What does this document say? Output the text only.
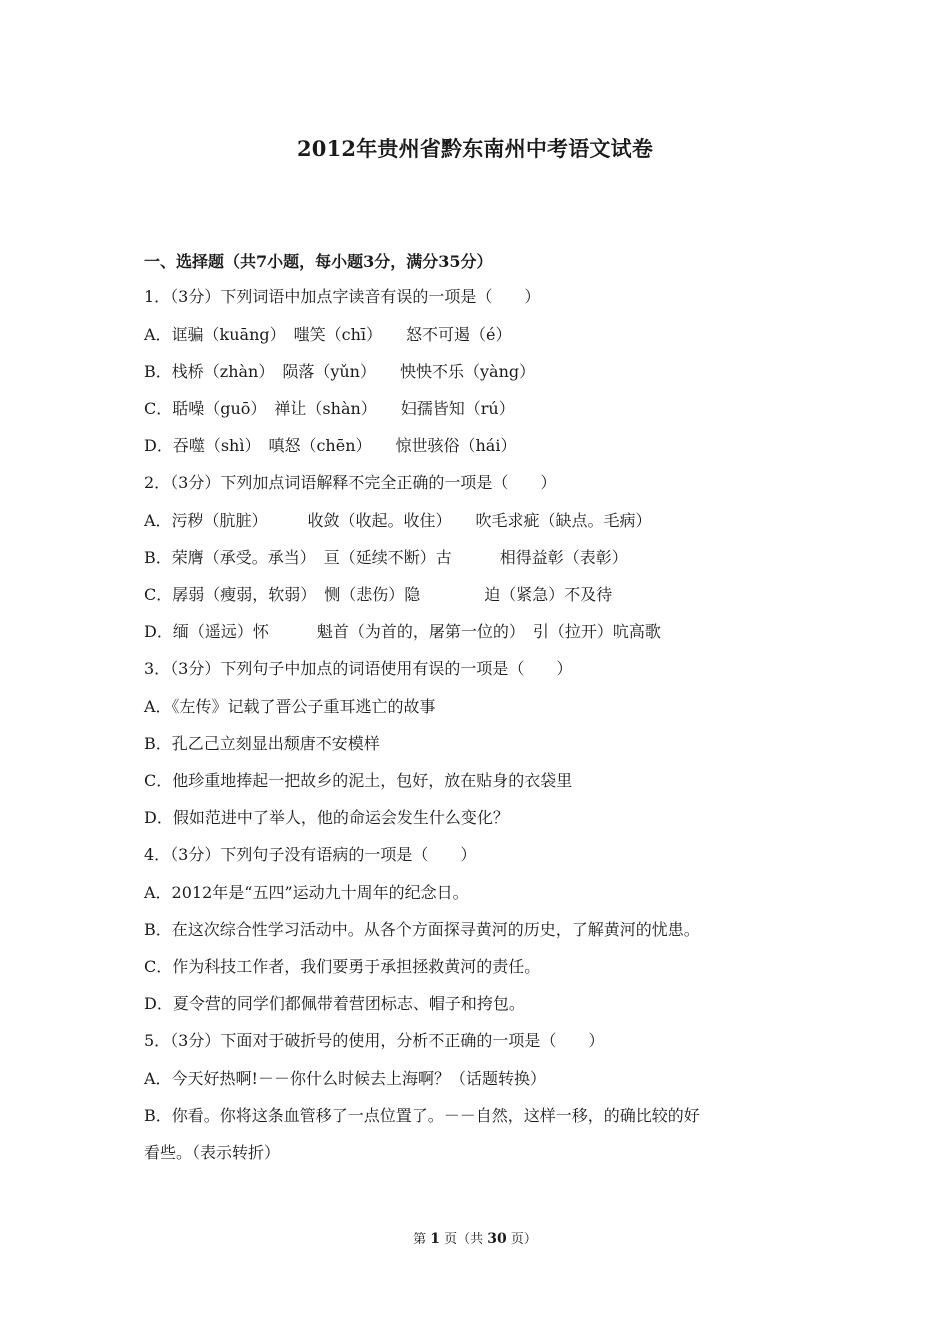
2012年贵州省黔东南州中考语文试卷
一、选择题（共7小题，每小题3分，满分35分）
1．（3分）下列词语中加点字读音有误的一项是（　　）
A．诓骗（kuāng）　嗤笑（chī）　　怒不可遏（é）
B．栈桥（zhàn）　陨落（yǔn）　　怏怏不乐（yàng）
C．聒噪（guō）　禅让（shàn）　　妇孺皆知（rú）
D．吞噬（shì）　嗔怒（chēn）　　惊世骇俗（hái）
2．（3分）下列加点词语解释不完全正确的一项是（　　）
A．污秽（肮脏）　　　收敛（收起。收住）　　吹毛求疵（缺点。毛病）
B．荣膺（承受。承当）　亘（延续不断）古　　　相得益彰（表彰）
C．孱弱（瘦弱，软弱）　恻（悲伤）隐　　　　迫（紧急）不及待
D．缅（遥远）怀　　　魁首（为首的，屠第一位的）　引（拉开）吭高歌
3．（3分）下列句子中加点的词语使用有误的一项是（　　）
A．《左传》记载了晋公子重耳逃亡的故事
B．孔乙己立刻显出颓唐不安模样
C．他珍重地捧起一把故乡的泥土，包好，放在贴身的衣袋里
D．假如范进中了举人，他的命运会发生什么变化？
4．（3分）下列句子没有语病的一项是（　　）
A．2012年是“五四”运动九十周年的纪念日。
B．在这次综合性学习活动中。从各个方面探寻黄河的历史，了解黄河的忧患。
C．作为科技工作者，我们要勇于承担拯救黄河的责任。
D．夏令营的同学们都佩带着营团标志、帽子和挎包。
5．（3分）下面对于破折号的使用，分析不正确的一项是（　　）
A．今天好热啊!－－你什么时候去上海啊？（话题转换）
B．你看。你将这条血管移了一点位置了。－－自然，这样一移，的确比较的好
看些。（表示转折）
第 1 页（共 30 页）
